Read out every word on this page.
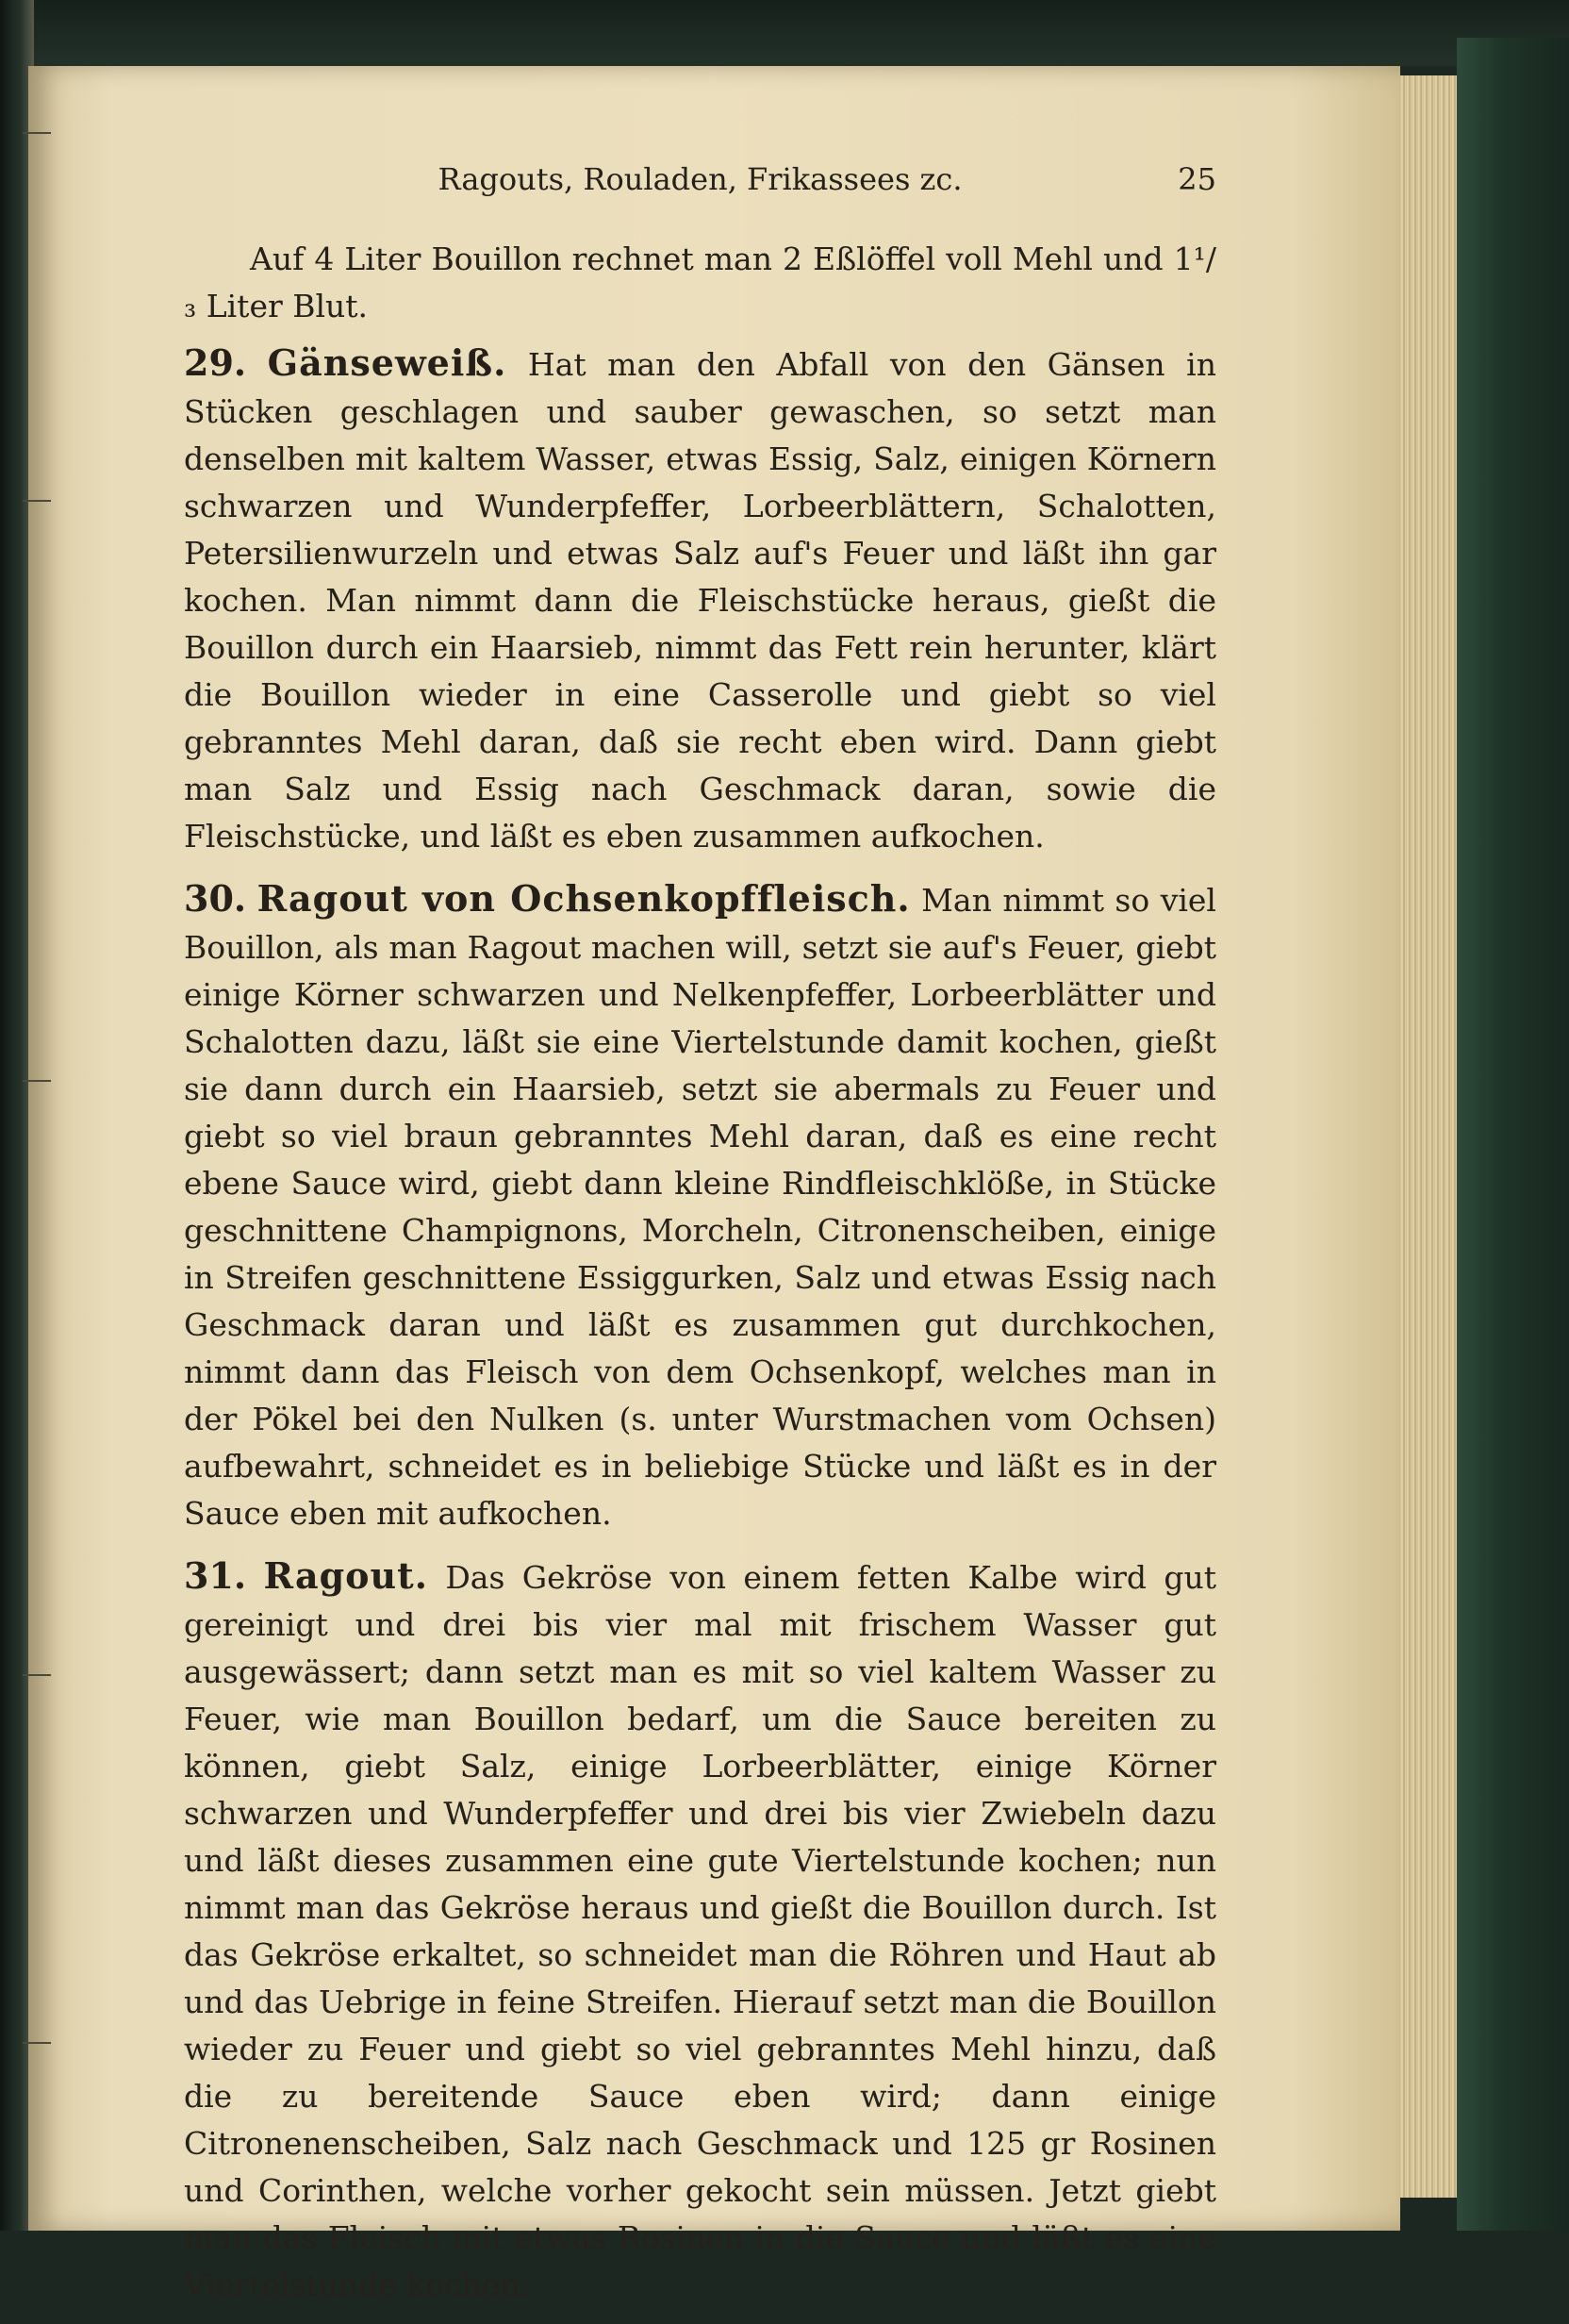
Ragouts, Rouladen, Frikassees zc.	25

Auf 4 Liter Bouillon rechnet man 2 Eßlöffel voll Mehl und 1¹/₃ Liter Blut.

29. Gänseweiß. Hat man den Abfall von den Gänsen in Stücken geschlagen und sauber gewaschen, so setzt man denselben mit kaltem Wasser, etwas Essig, Salz, einigen Körnern schwarzen und Wunderpfeffer, Lorbeerblättern, Schalotten, Petersilienwurzeln und etwas Salz auf's Feuer und läßt ihn gar kochen. Man nimmt dann die Fleischstücke heraus, gießt die Bouillon durch ein Haarsieb, nimmt das Fett rein herunter, klärt die Bouillon wieder in eine Casserolle und giebt so viel gebranntes Mehl daran, daß sie recht eben wird. Dann giebt man Salz und Essig nach Geschmack daran, sowie die Fleischstücke, und läßt es eben zusammen aufkochen.

30. Ragout von Ochsenkopffleisch. Man nimmt so viel Bouillon, als man Ragout machen will, setzt sie auf's Feuer, giebt einige Körner schwarzen und Nelkenpfeffer, Lorbeerblätter und Schalotten dazu, läßt sie eine Viertelstunde damit kochen, gießt sie dann durch ein Haarsieb, setzt sie abermals zu Feuer und giebt so viel braun gebranntes Mehl daran, daß es eine recht ebene Sauce wird, giebt dann kleine Rindfleischklöße, in Stücke geschnittene Champignons, Morcheln, Citronenscheiben, einige in Streifen geschnittene Essiggurken, Salz und etwas Essig nach Geschmack daran und läßt es zusammen gut durchkochen, nimmt dann das Fleisch von dem Ochsenkopf, welches man in der Pökel bei den Nulken (s. unter Wurstmachen vom Ochsen) aufbewahrt, schneidet es in beliebige Stücke und läßt es in der Sauce eben mit aufkochen.

31. Ragout. Das Gekröse von einem fetten Kalbe wird gut gereinigt und drei bis vier mal mit frischem Wasser gut ausgewässert; dann setzt man es mit so viel kaltem Wasser zu Feuer, wie man Bouillon bedarf, um die Sauce bereiten zu können, giebt Salz, einige Lorbeerblätter, einige Körner schwarzen und Wunderpfeffer und drei bis vier Zwiebeln dazu und läßt dieses zusammen eine gute Viertelstunde kochen; nun nimmt man das Gekröse heraus und gießt die Bouillon durch. Ist das Gekröse erkaltet, so schneidet man die Röhren und Haut ab und das Uebrige in feine Streifen. Hierauf setzt man die Bouillon wieder zu Feuer und giebt so viel gebranntes Mehl hinzu, daß die zu bereitende Sauce eben wird; dann einige Citronenenscheiben, Salz nach Geschmack und 125 gr Rosinen und Corinthen, welche vorher gekocht sein müssen. Jetzt giebt man das Fleisch mit etwas Rosinen in die Sauce und läßt es eine Viertelstunde kochen.
